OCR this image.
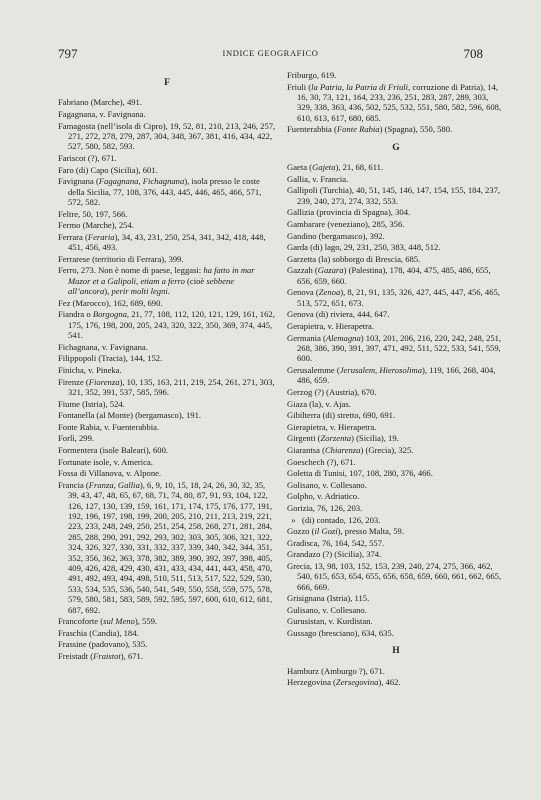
797	INDICE GEOGRAFICO	708
F
Fabriano (Marche), 491.
Fagagnana, v. Favignana.
Famagosta (nell’isola di Cipro), 19, 52, 81, 210, 213, 246, 257, 271, 272, 278, 279, 287, 304, 348, 367, 381, 416, 434, 422, 527, 580, 582, 593.
Fariscot (?), 671.
Faro (di) Capo (Sicilia), 601.
Favignana (Fagagnana, Fichagnana), isola presso le coste della Sicilia, 77, 108, 376, 443, 445, 446, 465, 466, 571, 572, 582.
Feltre, 50, 197, 566.
Fermo (Marche), 254.
Ferrara (Feraria), 34, 43, 231, 250, 254, 341, 342, 418, 448, 451, 456, 493.
Ferrarese (territorio di Ferrara), 399.
Ferro, 273. Non è nome di paese, leggasi: ha fatto in mar Mazor et a Galipoli, etiam a ferro (cioè sebbene all’ancora), perir molti legni.
Fez (Marocco), 162, 689, 690.
Fiandra o Borgogna, 21, 77, 108, 112, 120, 121, 129, 161, 162, 175, 176, 198, 200, 205, 243, 320, 322, 350, 369, 374, 445, 541.
Fichagnana, v. Favignana.
Filippopoli (Tracia), 144, 152.
Finicha, v. Pineka.
Firenze (Fiorenza), 10, 135, 163, 211, 219, 254, 261, 271, 303, 321, 352, 391, 537, 585, 596.
Fiume (Istria), 524.
Fontanella (al Monte) (bergamasco), 191.
Fonte Rabia, v. Fuenterabbia.
Forlì, 299.
Formentera (isole Baleari), 600.
Fortunate isole, v. America.
Fossa di Villanova, v. Alpone.
Francia (Franza, Gallia), 6, 9, 10, 15, 18, 24, 26, 30, 32, 35, 39, 43, 47, 48, 65, 67, 68, 71, 74, 80, 87, 91, 93, 104, 122, 126, 127, 130, 139, 159, 161, 171, 174, 175, 176, 177, 191, 192, 196, 197, 198, 199, 200, 205, 210, 211, 213, 219, 221, 223, 233, 248, 249, 250, 251, 254, 258, 268, 271, 281, 284, 285, 288, 290, 291, 292, 293, 302, 303, 305, 306, 321, 322, 324, 326, 327, 330, 331, 332, 337, 339, 340, 342, 344, 351, 352, 356, 362, 363, 378, 382, 389, 390, 392, 397, 398, 405, 409, 426, 428, 429, 430, 431, 433, 434, 441, 443, 458, 470, 491, 492, 493, 494, 498, 510, 511, 513, 517, 522, 529, 530, 533, 534, 535, 536, 540, 541, 549, 550, 558, 559, 575, 578, 579, 580, 581, 583, 589, 592, 595, 597, 600, 610, 612, 681, 687, 692.
Francoforte (sul Meno), 559.
Fraschia (Candia), 184.
Frassine (padovano), 535.
Freistadt (Fraistot), 671.
Friburgo, 619.
Friuli (la Patria, la Patria di Friuli, corruzione di Patria), 14, 16, 30, 73, 121, 164, 233, 236, 251, 283, 287, 289, 303, 329, 338, 363, 436, 502, 525, 532, 551, 580, 582, 596, 608, 610, 613, 617, 680, 685.
Fuenterabbia (Fonte Rabia) (Spagna), 550, 580.
G
Gaeta (Gajeta), 21, 68, 611.
Gallia, v. Francia.
Gallipoli (Turchia), 40, 51, 145, 146, 147, 154, 155, 184, 237, 239, 240, 273, 274, 332, 553.
Gallizia (provincia di Spagna), 304.
Gambarare (veneziano), 285, 356.
Gandino (bergamasco), 392.
Garda (di) lago, 29, 231, 250, 383, 448, 512.
Garzetta (la) sobborgo di Brescia, 685.
Gazzah (Gazara) (Palestina), 178, 404, 475, 485, 486, 655, 656, 659, 660.
Genova (Zenoa), 8, 21, 91, 135, 326, 427, 445, 447, 456, 465, 513, 572, 651, 673.
Genova (di) riviera, 444, 647.
Gerapietra, v. Hierapetra.
Germania (Alemagna) 103, 201, 206, 216, 220, 242, 248, 251, 268, 386, 390, 391, 397, 471, 492, 511, 522, 533, 541, 559, 600.
Gerusalemme (Jerusalem, Hierosolima), 119, 166, 268, 404, 486, 659.
Gerzog (?) (Austria), 670.
Giaza (la), v. Ajas.
Gibilterra (di) stretto, 690, 691.
Gierapietra, v. Hierapetra.
Girgenti (Zorzenta) (Sicilia), 19.
Giarantsa (Chiarenza) (Grecia), 325.
Goeschech (?), 671.
Goletta di Tunisi, 107, 108, 280, 376, 466.
Golisano, v. Collesano.
Golpho, v. Adriatico.
Gorizia, 76, 126, 203.
»   (di) contado, 126, 203.
Gozzo (il Gozi), presso Malta, 59.
Gradisca, 76, 164, 542, 557.
Grandazo (?) (Sicilia), 374.
Grecia, 13, 98, 103, 152, 153, 239, 240, 274, 275, 366, 462, 540, 615, 653, 654, 655, 656, 658, 659, 660, 661, 662, 665, 666, 669.
Grisignana (Istria), 115.
Gulisano, v. Collesano.
Gurusistan, v. Kurdistan.
Gussago (bresciano), 634, 635.
H
Hamburz (Amburgo ?), 671.
Herzegovina (Zersegovina), 462.
